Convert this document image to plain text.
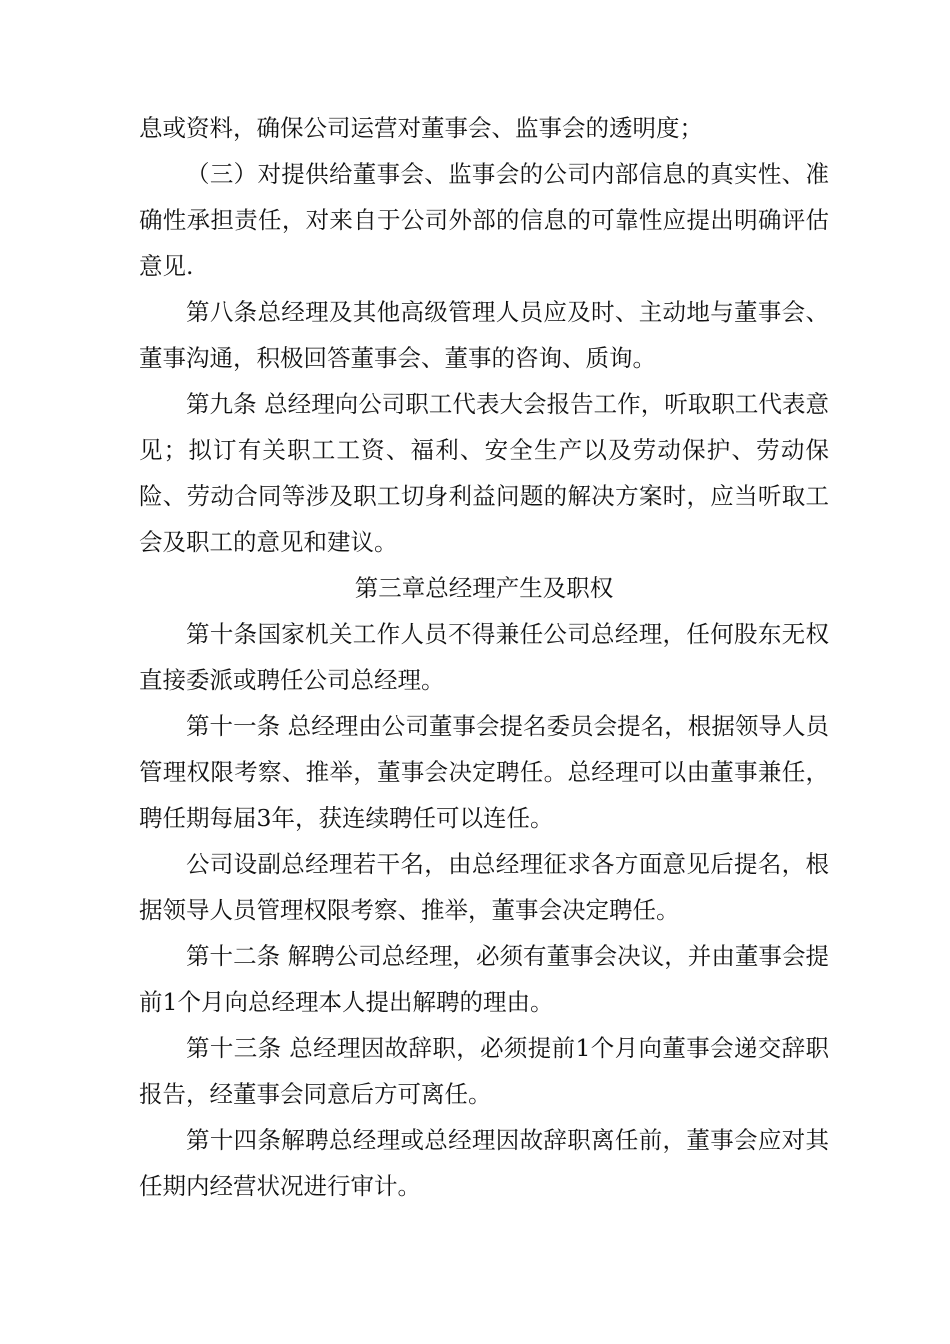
息或资料，确保公司运营对董事会、监事会的透明度；

（三）对提供给董事会、监事会的公司内部信息的真实性、准确性承担责任，对来自于公司外部的信息的可靠性应提出明确评估意见.

第八条总经理及其他高级管理人员应及时、主动地与董事会、董事沟通，积极回答董事会、董事的咨询、质询。

第九条 总经理向公司职工代表大会报告工作，听取职工代表意见；拟订有关职工工资、福利、安全生产以及劳动保护、劳动保险、劳动合同等涉及职工切身利益问题的解决方案时，应当听取工会及职工的意见和建议。

第三章总经理产生及职权

第十条国家机关工作人员不得兼任公司总经理，任何股东无权直接委派或聘任公司总经理。

第十一条 总经理由公司董事会提名委员会提名，根据领导人员管理权限考察、推举，董事会决定聘任。总经理可以由董事兼任，聘任期每届3年，获连续聘任可以连任。

公司设副总经理若干名，由总经理征求各方面意见后提名，根据领导人员管理权限考察、推举，董事会决定聘任。

第十二条 解聘公司总经理，必须有董事会决议，并由董事会提前1个月向总经理本人提出解聘的理由。

第十三条 总经理因故辞职，必须提前1个月向董事会递交辞职报告，经董事会同意后方可离任。

第十四条解聘总经理或总经理因故辞职离任前，董事会应对其任期内经营状况进行审计。
